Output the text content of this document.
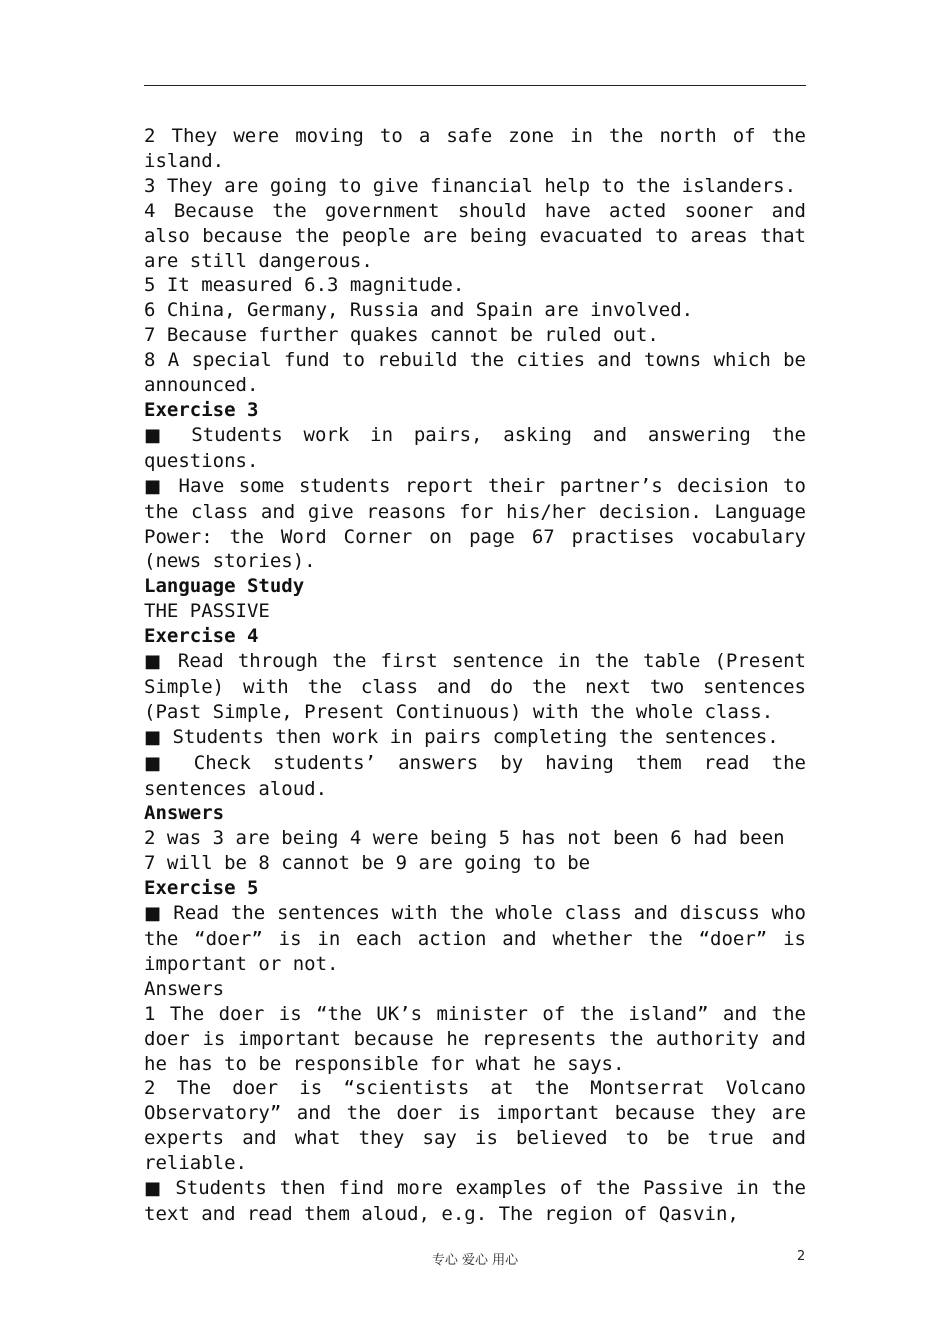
2 They were moving to a safe zone in the north of the island.

3 They are going to give financial help to the islanders.

4 Because the government should have acted sooner and also because the people are being evacuated to areas that are still dangerous.

5 It measured 6.3 magnitude.

6 China, Germany, Russia and Spain are involved.

7 Because further quakes cannot be ruled out.

8 A special fund to rebuild the cities and towns which be announced.

Exercise 3

■ Students work in pairs, asking and answering the questions.

■ Have some students report their partner’s decision to the class and give reasons for his/her decision. Language Power: the Word Corner on page 67 practises vocabulary (news stories).

Language Study

THE PASSIVE

Exercise 4

■ Read through the first sentence in the table (Present Simple) with the class and do the next two sentences (Past Simple, Present Continuous) with the whole class.

■ Students then work in pairs completing the sentences.

■ Check students’ answers by having them read the sentences aloud.

Answers

2 was 3 are being 4 were being 5 has not been 6 had been

7 will be 8 cannot be 9 are going to be

Exercise 5

■ Read the sentences with the whole class and discuss who the “doer” is in each action and whether the “doer” is important or not.

Answers

1 The doer is “the UK’s minister of the island” and the doer is important because he represents the authority and he has to be responsible for what he says.

2 The doer is “scientists at the Montserrat Volcano Observatory” and the doer is important because they are experts and what they say is believed to be true and reliable.

■ Students then find more examples of the Passive in the text and read them aloud, e.g. The region of Qasvin,

专心 爱心 用心	2
